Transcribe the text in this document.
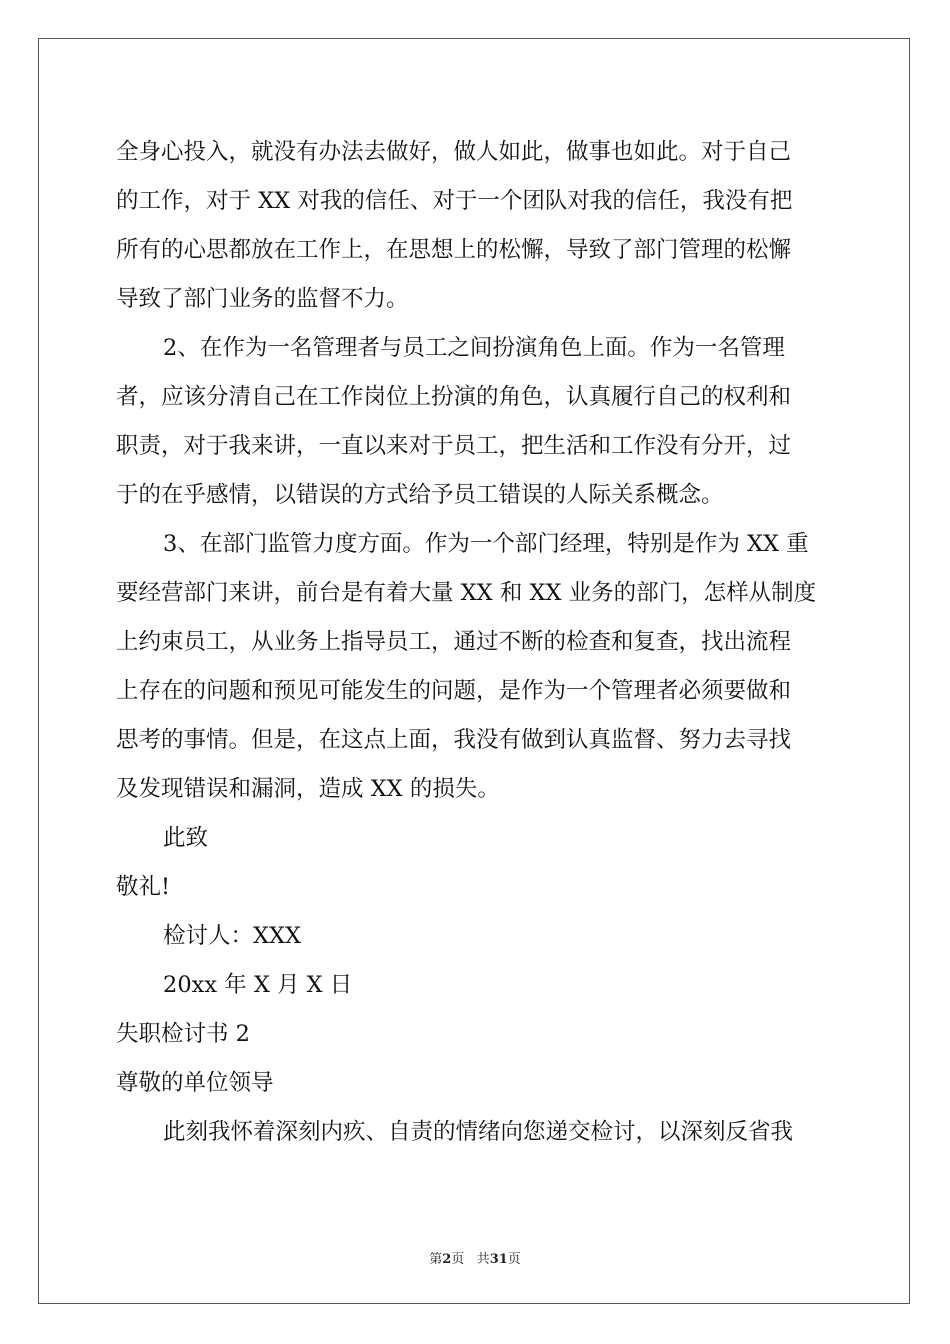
全身心投入，就没有办法去做好，做人如此，做事也如此。对于自己

的工作，对于 XX 对我的信任、对于一个团队对我的信任，我没有把

所有的心思都放在工作上，在思想上的松懈，导致了部门管理的松懈

导致了部门业务的监督不力。

2、在作为一名管理者与员工之间扮演角色上面。作为一名管理

者，应该分清自己在工作岗位上扮演的角色，认真履行自己的权利和

职责，对于我来讲，一直以来对于员工，把生活和工作没有分开，过

于的在乎感情，以错误的方式给予员工错误的人际关系概念。

3、在部门监管力度方面。作为一个部门经理，特别是作为 XX 重

要经营部门来讲，前台是有着大量 XX 和 XX 业务的部门，怎样从制度

上约束员工，从业务上指导员工，通过不断的检查和复查，找出流程

上存在的问题和预见可能发生的问题，是作为一个管理者必须要做和

思考的事情。但是，在这点上面，我没有做到认真监督、努力去寻找

及发现错误和漏洞，造成 XX 的损失。

此致

敬礼!

检讨人：XXX

20xx 年 X 月 X 日

失职检讨书 2

尊敬的单位领导

此刻我怀着深刻内疚、自责的情绪向您递交检讨，以深刻反省我

第2页 共31页
